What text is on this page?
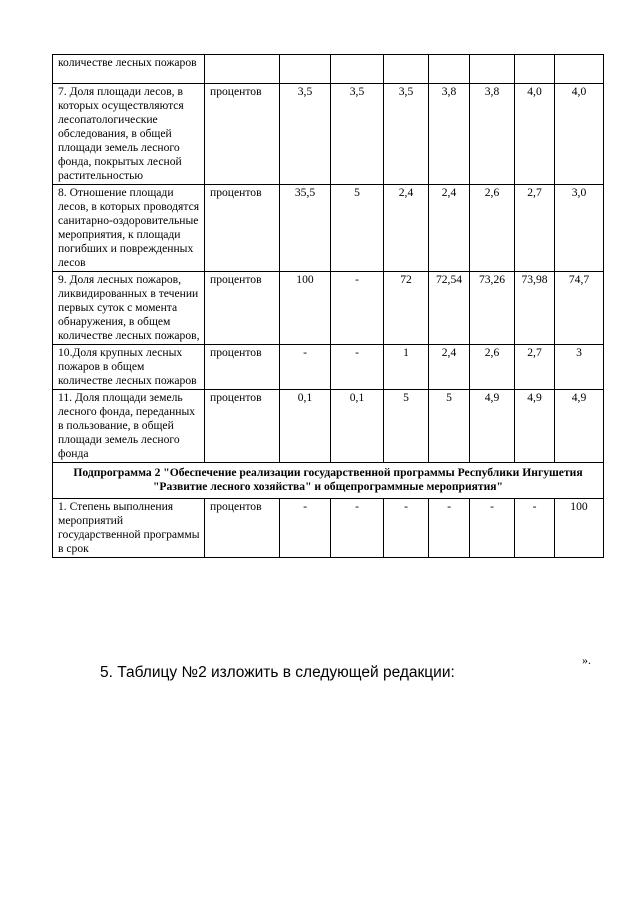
количестве лесных пожаров								
7. Доля площади лесов, в которых осуществляются лесопатологические обследования, в общей площади земель лесного фонда, покрытых лесной растительностью	процентов	3,5	3,5	3,5	3,8	3,8	4,0	4,0
8. Отношение площади лесов, в которых проводятся санитарно-оздоровительные мероприятия, к площади погибших и поврежденных лесов	процентов	35,5	5	2,4	2,4	2,6	2,7	3,0
9. Доля лесных пожаров, ликвидированных в течении первых суток с момента обнаружения, в общем количестве лесных пожаров,	процентов	100	-	72	72,54	73,26	73,98	74,7
10.Доля крупных лесных пожаров в общем количестве лесных пожаров	процентов	-	-	1	2,4	2,6	2,7	3
11. Доля площади земель лесного фонда, переданных в пользование, в общей площади земель лесного фонда	процентов	0,1	0,1	5	5	4,9	4,9	4,9
Подпрограмма 2 "Обеспечение реализации государственной программы Республики Ингушетия "Развитие лесного хозяйства" и общепрограммные мероприятия"								
1. Степень выполнения мероприятий государственной программы в срок	процентов	-	-	-	-	-	-	100
».
5. Таблицу №2 изложить в следующей редакции:
